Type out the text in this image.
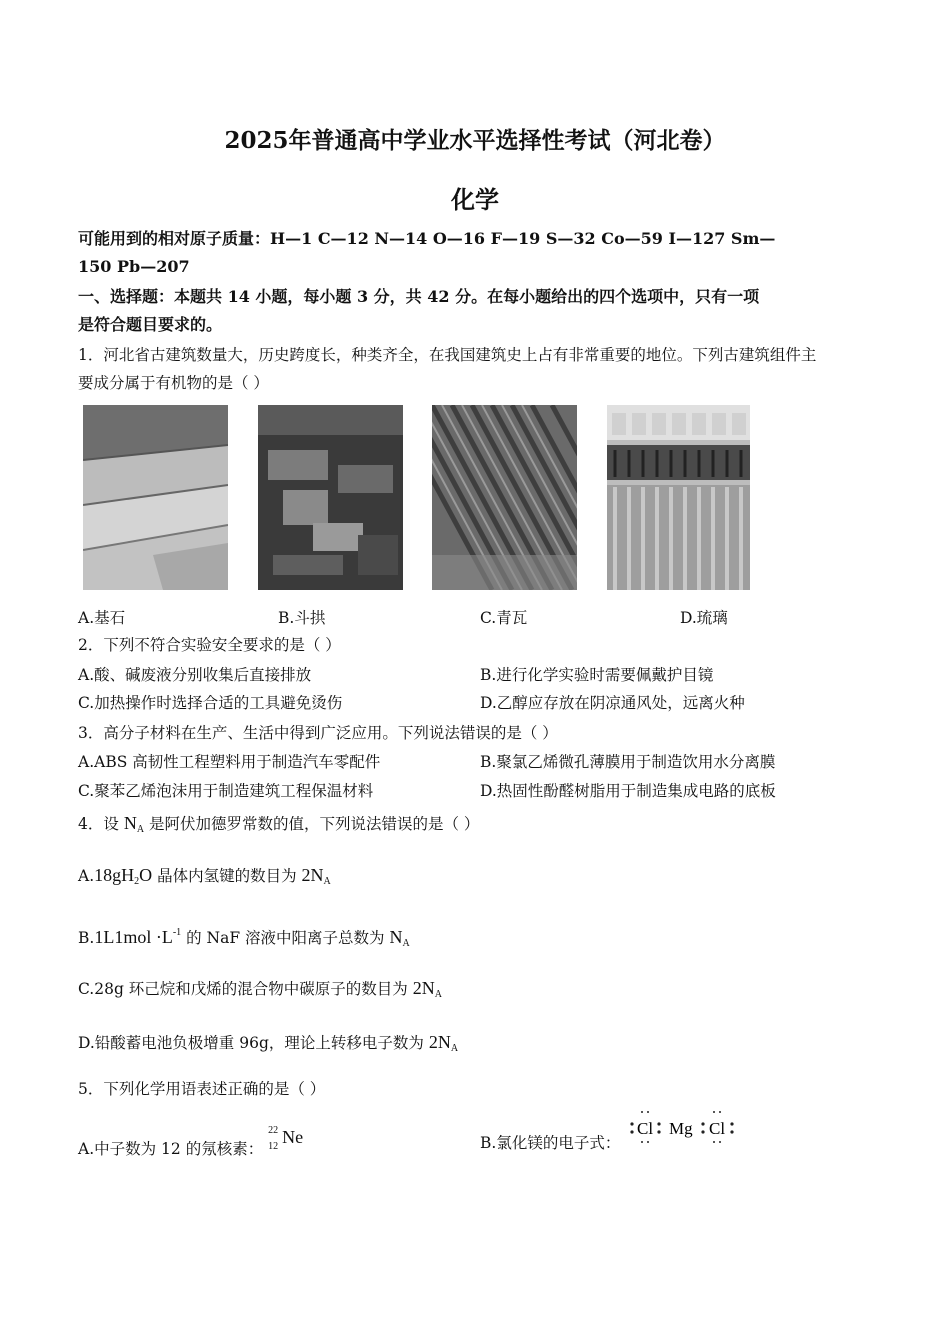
2025年普通高中学业水平选择性考试（河北卷）
化学
可能用到的相对原子质量：H—1 C—12 N—14 O—16 F—19 S—32 Co—59 I—127 Sm—
150 Pb—207
一、选择题：本题共 14 小题，每小题 3 分，共 42 分。在每小题给出的四个选项中，只有一项
是符合题目要求的。
1．河北省古建筑数量大，历史跨度长，种类齐全，在我国建筑史上占有非常重要的地位。下列古建筑组件主
要成分属于有机物的是（ ）
A.基石	B.斗拱	C.青瓦	D.琉璃
2．下列不符合实验安全要求的是（ ）
A.酸、碱废液分别收集后直接排放	B.进行化学实验时需要佩戴护目镜
C.加热操作时选择合适的工具避免烫伤	D.乙醇应存放在阴凉通风处，远离火种
3．高分子材料在生产、生活中得到广泛应用。下列说法错误的是（ ）
A.ABS 高韧性工程塑料用于制造汽车零配件	B.聚氯乙烯微孔薄膜用于制造饮用水分离膜
C.聚苯乙烯泡沫用于制造建筑工程保温材料	D.热固性酚醛树脂用于制造集成电路的底板
4．设 $N_A$ 是阿伏加德罗常数的值，下列说法错误的是（ ）
$A.18gH_2O$ 晶体内氢键的数目为 $2N_A$
$B.1L1mol \cdot L^{-1}$ 的 NaF 溶液中阳离子总数为 $N_A$
C.28g 环己烷和戊烯的混合物中碳原子的数目为 $2N_A$
D.铅酸蓄电池负极增重 96g，理论上转移电子数为 $2N_A$
5．下列化学用语表述正确的是（ ）
A.中子数为 12 的氖核素：
22
12 Ne	B.氯化镁的电子式：
Cl Mg Cl
